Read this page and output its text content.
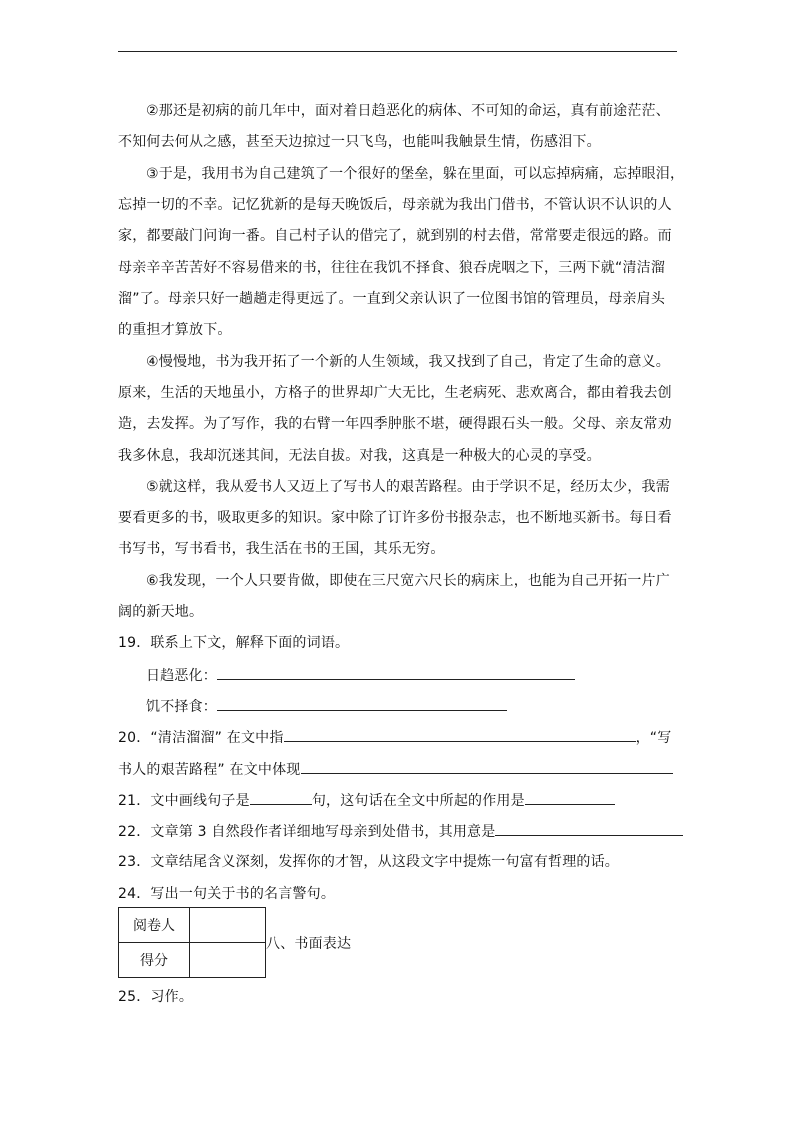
②那还是初病的前几年中，面对着日趋恶化的病体、不可知的命运，真有前途茫茫、
不知何去何从之感，甚至天边掠过一只飞鸟，也能叫我触景生情，伤感泪下。
③于是，我用书为自己建筑了一个很好的堡垒，躲在里面，可以忘掉病痛，忘掉眼泪，
忘掉一切的不幸。记忆犹新的是每天晚饭后，母亲就为我出门借书，不管认识不认识的人
家，都要敲门问询一番。自己村子认的借完了，就到别的村去借，常常要走很远的路。而
母亲辛辛苦苦好不容易借来的书，往往在我饥不择食、狼吞虎咽之下，三两下就“清洁溜
溜”了。母亲只好一趟趟走得更远了。一直到父亲认识了一位图书馆的管理员，母亲肩头
的重担才算放下。
④慢慢地，书为我开拓了一个新的人生领域，我又找到了自己，肯定了生命的意义。
原来，生活的天地虽小，方格子的世界却广大无比，生老病死、悲欢离合，都由着我去创
造，去发挥。为了写作，我的右臂一年四季肿胀不堪，硬得跟石头一般。父母、亲友常劝
我多休息，我却沉迷其间，无法自拔。对我，这真是一种极大的心灵的享受。
⑤就这样，我从爱书人又迈上了写书人的艰苦路程。由于学识不足，经历太少，我需
要看更多的书，吸取更多的知识。家中除了订许多份书报杂志，也不断地买新书。每日看
书写书，写书看书，我生活在书的王国，其乐无穷。
⑥我发现，一个人只要肯做，即使在三尺宽六尺长的病床上，也能为自己开拓一片广
阔的新天地。
19．联系上下文，解释下面的词语。
日趋恶化：
饥不择食：
20．“清洁溜溜” 在文中指	，“写
书人的艰苦路程” 在文中体现
21．文中画线句子是	句，这句话在全文中所起的作用是
22．文章第 3 自然段作者详细地写母亲到处借书，其用意是
23．文章结尾含义深刻，发挥你的才智，从这段文字中提炼一句富有哲理的话。
24．写出一句关于书的名言警句。
阅卷人	
得分	
八、书面表达
25．习作。
